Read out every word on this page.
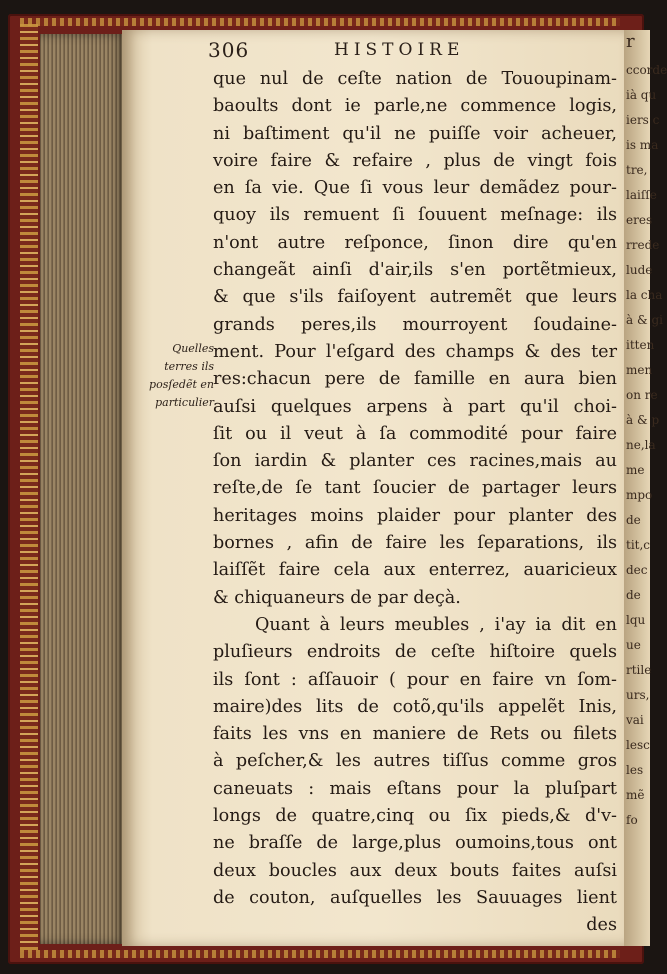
r
ccorde
ià qu
iers c
is ma
tre,
laiſſe
eres
rrede
lude
la cha
à & gi
itten
men
on re
à & p
ne,la
me
mpo
de
tit,c
dec
de
lqu
ue
rtile
urs,
vai
lesc
les
mẽ
fo
306	HISTOIRE
Quelles
terres ils
posſedẽt en
particulier
que nul de ceſte nation de Tououpinam-
baoults dont ie parle,ne commence logis,
ni baſtiment qu'il ne puiſſe voir acheuer,
voire faire & refaire , plus de vingt fois
en ſa vie. Que ſi vous leur demãdez pour-
quoy ils remuent ſi ſouuent meſnage: ils
n'ont autre reſponce, ſinon dire qu'en
changeãt ainſi d'air,ils s'en portẽtmieux,
& que s'ils faiſoyent autremẽt que leurs
grands peres,ils mourroyent ſoudaine-
ment. Pour l'eſgard des champs & des ter
res:chacun pere de famille en aura bien
auſsi quelques arpens à part qu'il choi-
ſit ou il veut à ſa commodité pour faire
ſon iardin & planter ces racines,mais au
reſte,de ſe tant ſoucier de partager leurs
heritages moins plaider pour planter des
bornes , afin de faire les ſeparations, ils
laiſſẽt faire cela aux enterrez, auaricieux
& chiquaneurs de par deçà.
Quant à leurs meubles , i'ay ia dit en
pluſieurs endroits de ceſte hiſtoire quels
ils ſont : aſſauoir ( pour en faire vn ſom-
maire)des lits de cotõ,qu'ils appelẽt Inis,
faits les vns en maniere de Rets ou filets
à peſcher,& les autres tiſſus comme gros
caneuats : mais eſtans pour la pluſpart
longs de quatre,cinq ou ſix pieds,& d'v-
ne braſſe de large,plus oumoins,tous ont
deux boucles aux deux bouts faites auſsi
de couton, auſquelles les Sauuages lient
des
